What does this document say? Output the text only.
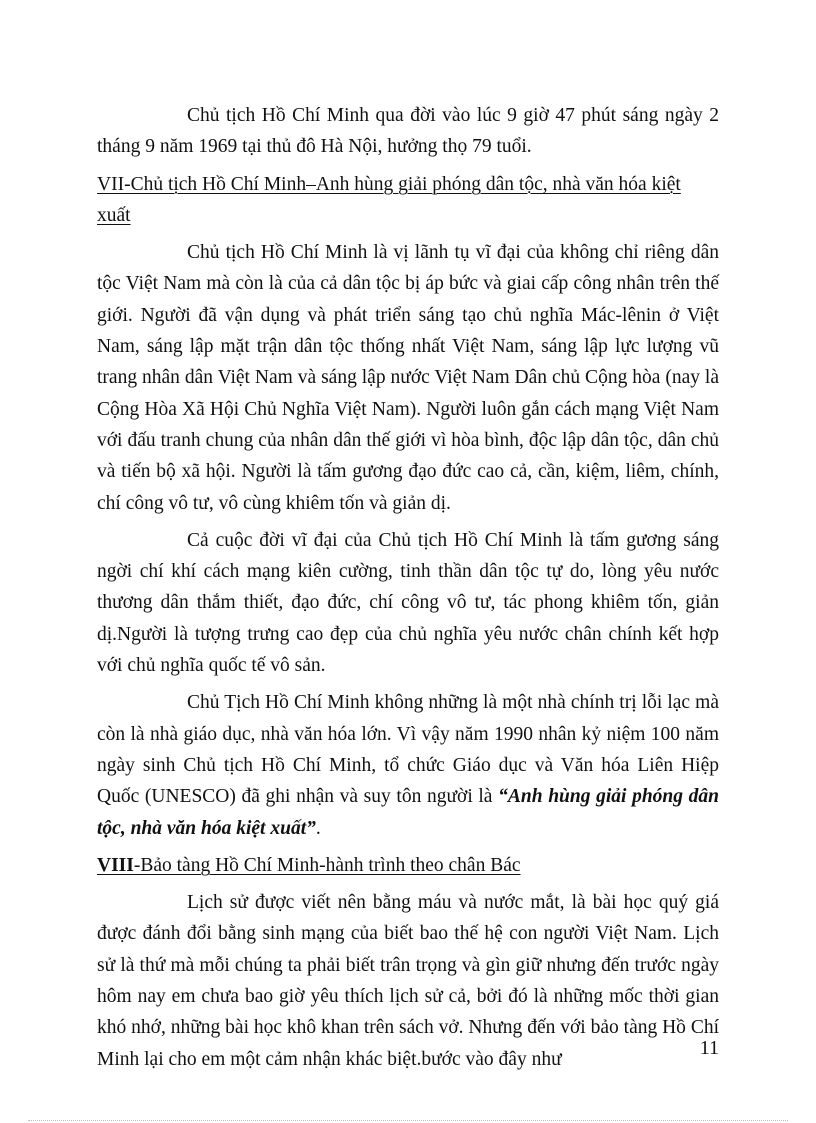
Chủ tịch Hồ Chí Minh qua đời vào lúc 9 giờ 47 phút sáng ngày 2 tháng 9 năm 1969 tại thủ đô Hà Nội, hưởng thọ 79 tuổi.

VII-Chủ tịch Hồ Chí Minh–Anh hùng giải phóng dân tộc, nhà văn hóa kiệt xuất

Chủ tịch Hồ Chí Minh là vị lãnh tụ vĩ đại của không chỉ riêng dân tộc Việt Nam mà còn là của cả dân tộc bị áp bức và giai cấp công nhân trên thế giới. Người đã vận dụng và phát triển sáng tạo chủ nghĩa Mác-lênin ở Việt Nam, sáng lập mặt trận dân tộc thống nhất Việt Nam, sáng lập lực lượng vũ trang nhân dân Việt Nam và sáng lập nước Việt Nam Dân chủ Cộng hòa (nay là Cộng Hòa Xã Hội Chủ Nghĩa Việt Nam). Người luôn gắn cách mạng Việt Nam với đấu tranh chung của nhân dân thế giới vì hòa bình, độc lập dân tộc, dân chủ và tiến bộ xã hội. Người là tấm gương đạo đức cao cả, cần, kiệm, liêm, chính, chí công vô tư, vô cùng khiêm tốn và giản dị.

Cả cuộc đời vĩ đại của Chủ tịch Hồ Chí Minh là tấm gương sáng ngời chí khí cách mạng kiên cường, tinh thần dân tộc tự do, lòng yêu nước thương dân thắm thiết, đạo đức, chí công vô tư, tác phong khiêm tốn, giản dị.Người là tượng trưng cao đẹp của chủ nghĩa yêu nước chân chính kết hợp với chủ nghĩa quốc tế vô sản.

Chủ Tịch Hồ Chí Minh không những là một nhà chính trị lỗi lạc mà còn là nhà giáo dục, nhà văn hóa lớn. Vì vậy năm 1990 nhân kỷ niệm 100 năm ngày sinh Chủ tịch Hồ Chí Minh, tổ chức Giáo dục và Văn hóa Liên Hiệp Quốc (UNESCO) đã ghi nhận và suy tôn người là “Anh hùng giải phóng dân tộc, nhà văn hóa kiệt xuất”.

VIII-Bảo tàng Hồ Chí Minh-hành trình theo chân Bác

Lịch sử được viết nên bằng máu và nước mắt, là bài học quý giá được đánh đổi bằng sinh mạng của biết bao thế hệ con người Việt Nam. Lịch sử là thứ mà mỗi chúng ta phải biết trân trọng và gìn giữ nhưng đến trước ngày hôm nay em chưa bao giờ yêu thích lịch sử cả, bởi đó là những mốc thời gian khó nhớ, những bài học khô khan trên sách vở. Nhưng đến với bảo tàng Hồ Chí Minh lại cho em một cảm nhận khác biệt.bước vào đây như

11
